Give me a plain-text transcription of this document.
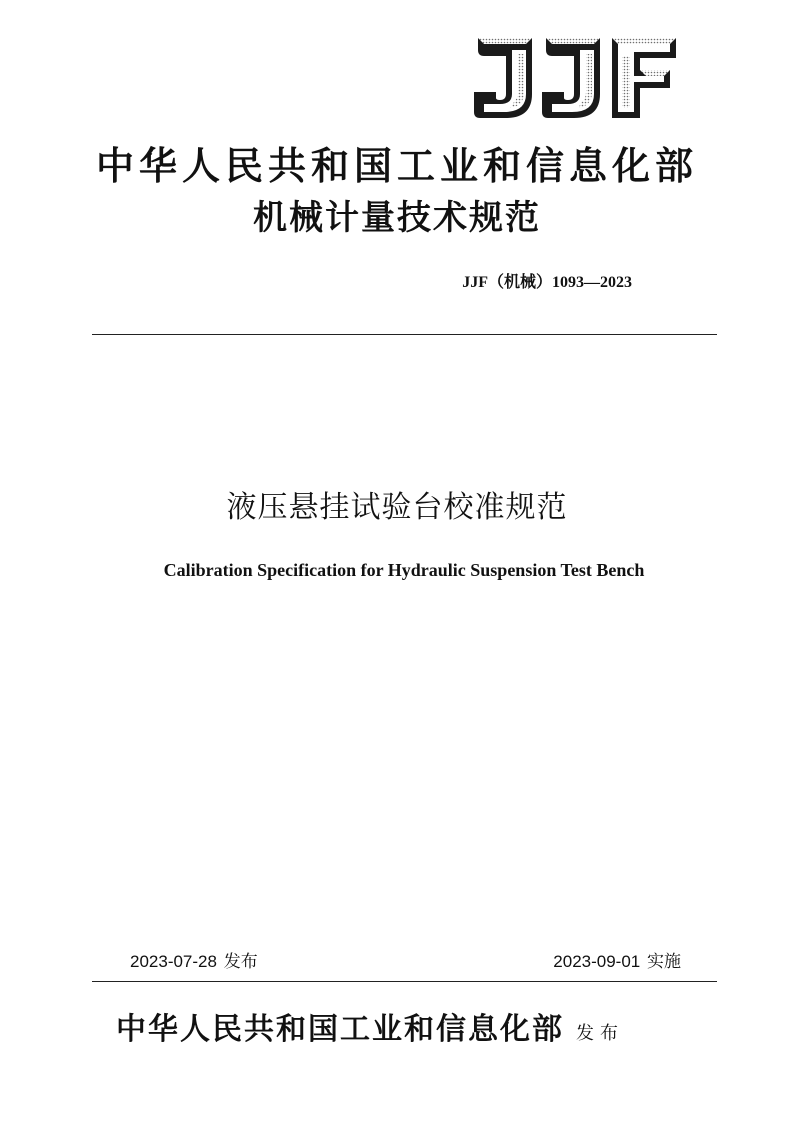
中华人民共和国工业和信息化部
机械计量技术规范
JJF（机械）1093—2023
液压悬挂试验台校准规范
Calibration Specification for Hydraulic Suspension Test Bench
2023-07-28 发布	2023-09-01 实施
中华人民共和国工业和信息化部 发布
